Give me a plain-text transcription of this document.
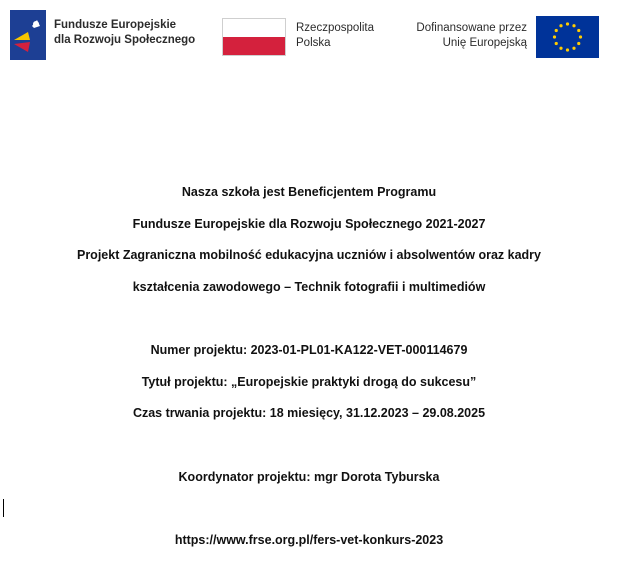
Fundusze Europejskie
dla Rozwoju Społecznego
Rzeczpospolita
Polska
Dofinansowane przez
Unię Europejską
Nasza szkoła jest Beneficjentem Programu
Fundusze Europejskie dla Rozwoju Społecznego 2021-2027
Projekt Zagraniczna mobilność edukacyjna uczniów i absolwentów oraz kadry
kształcenia zawodowego – Technik fotografii i multimediów
Numer projektu: 2023-01-PL01-KA122-VET-000114679
Tytuł projektu: „Europejskie praktyki drogą do sukcesu”
Czas trwania projektu: 18 miesięcy, 31.12.2023 – 29.08.2025
Koordynator projektu: mgr Dorota Tyburska
https://www.frse.org.pl/fers-vet-konkurs-2023
